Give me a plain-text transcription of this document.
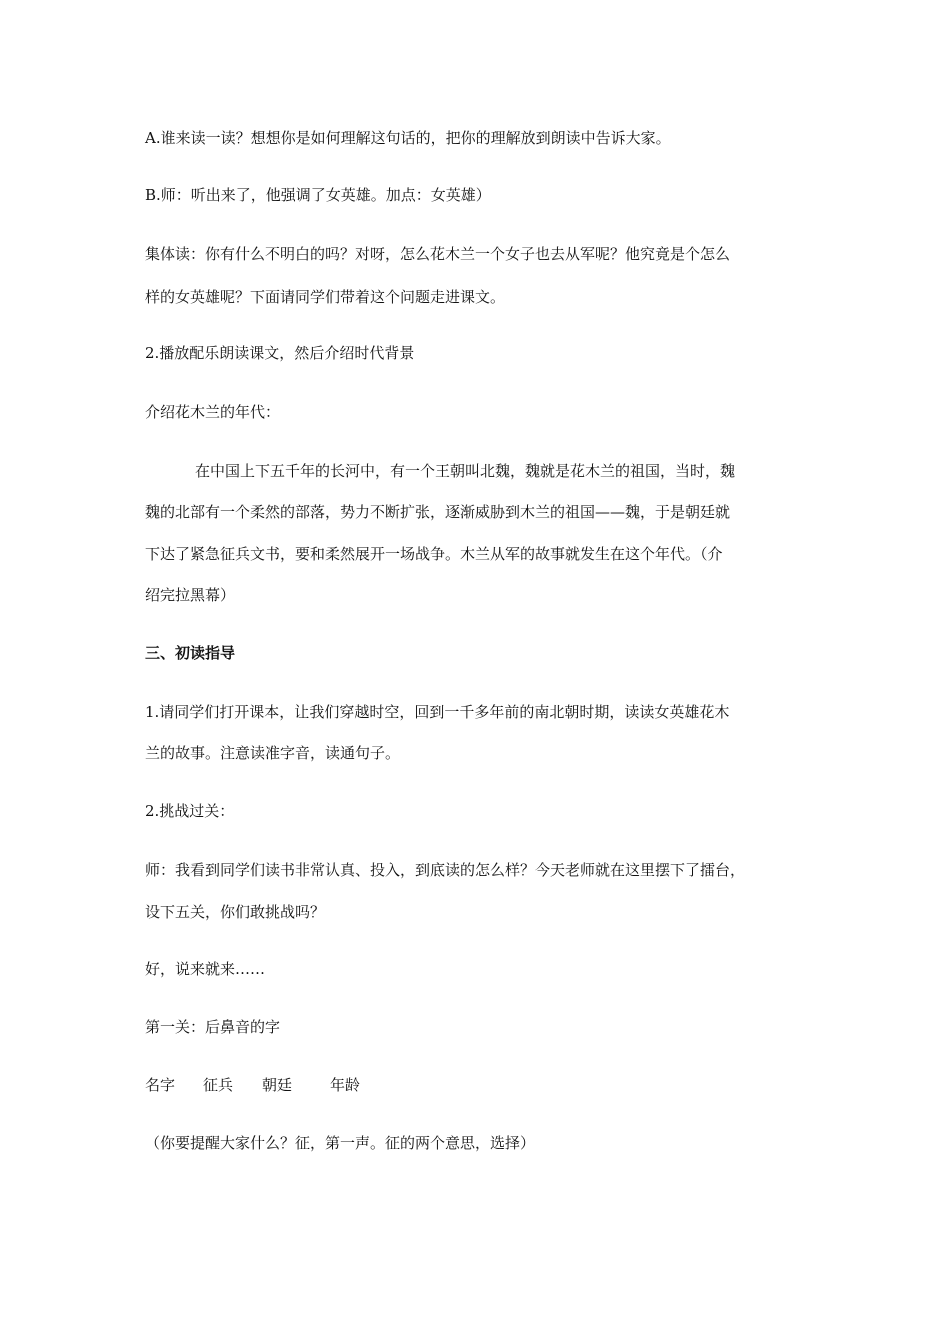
A.谁来读一读？想想你是如何理解这句话的，把你的理解放到朗读中告诉大家。
B.师：听出来了，他强调了女英雄。加点：女英雄）
集体读：你有什么不明白的吗？对呀，怎么花木兰一个女子也去从军呢？他究竟是个怎么
样的女英雄呢？下面请同学们带着这个问题走进课文。
2.播放配乐朗读课文，然后介绍时代背景
介绍花木兰的年代：
在中国上下五千年的长河中，有一个王朝叫北魏，魏就是花木兰的祖国，当时，魏
魏的北部有一个柔然的部落，势力不断扩张，逐渐威胁到木兰的祖国——魏，于是朝廷就
下达了紧急征兵文书，要和柔然展开一场战争。木兰从军的故事就发生在这个年代。（介
绍完拉黑幕）
三、初读指导
1.请同学们打开课本，让我们穿越时空，回到一千多年前的南北朝时期，读读女英雄花木
兰的故事。注意读准字音，读通句子。
2.挑战过关：
师：我看到同学们读书非常认真、投入，到底读的怎么样？今天老师就在这里摆下了擂台，
设下五关，你们敢挑战吗？
好，说来就来……
第一关：后鼻音的字
名字 征兵 朝廷	年龄
（你要提醒大家什么？征，第一声。征的两个意思，选择）
